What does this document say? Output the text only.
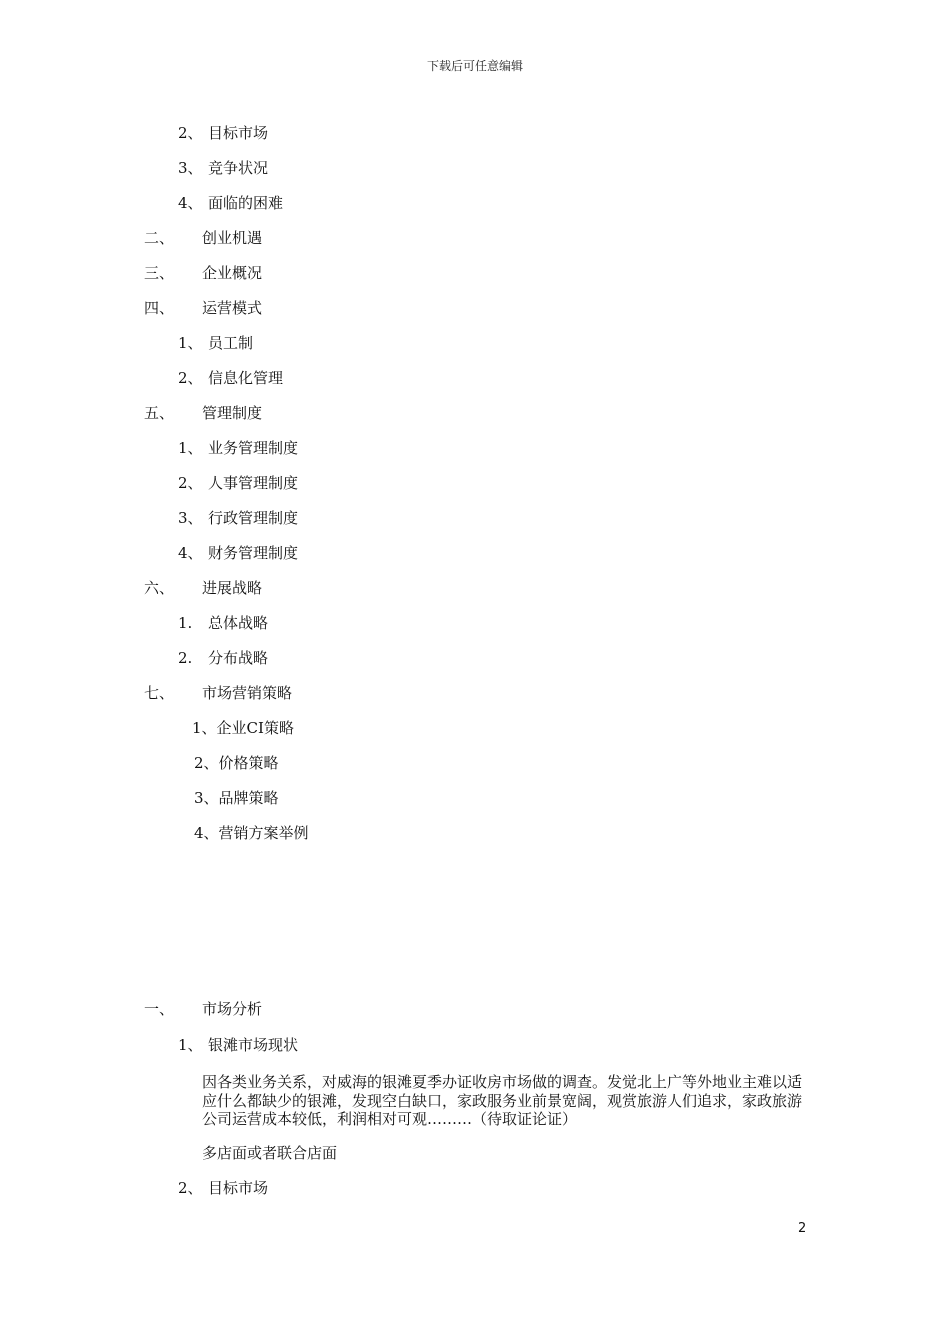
下载后可任意编辑
2、 目标市场
3、 竞争状况
4、 面临的困难
二、 创业机遇
三、 企业概况
四、 运营模式
1、 员工制
2、 信息化管理
五、 管理制度
1、 业务管理制度
2、 人事管理制度
3、 行政管理制度
4、 财务管理制度
六、 进展战略
1. 总体战略
2. 分布战略
七、 市场营销策略
1、企业CI策略
2、价格策略
3、品牌策略
4、营销方案举例
一、 市场分析
1、 银滩市场现状
因各类业务关系，对威海的银滩夏季办证收房市场做的调查。发觉北上广等外地业主难以适应什么都缺少的银滩，发现空白缺口，家政服务业前景宽阔，观赏旅游人们追求，家政旅游公司运营成本较低，利润相对可观………（待取证论证）
多店面或者联合店面
2、 目标市场
2
